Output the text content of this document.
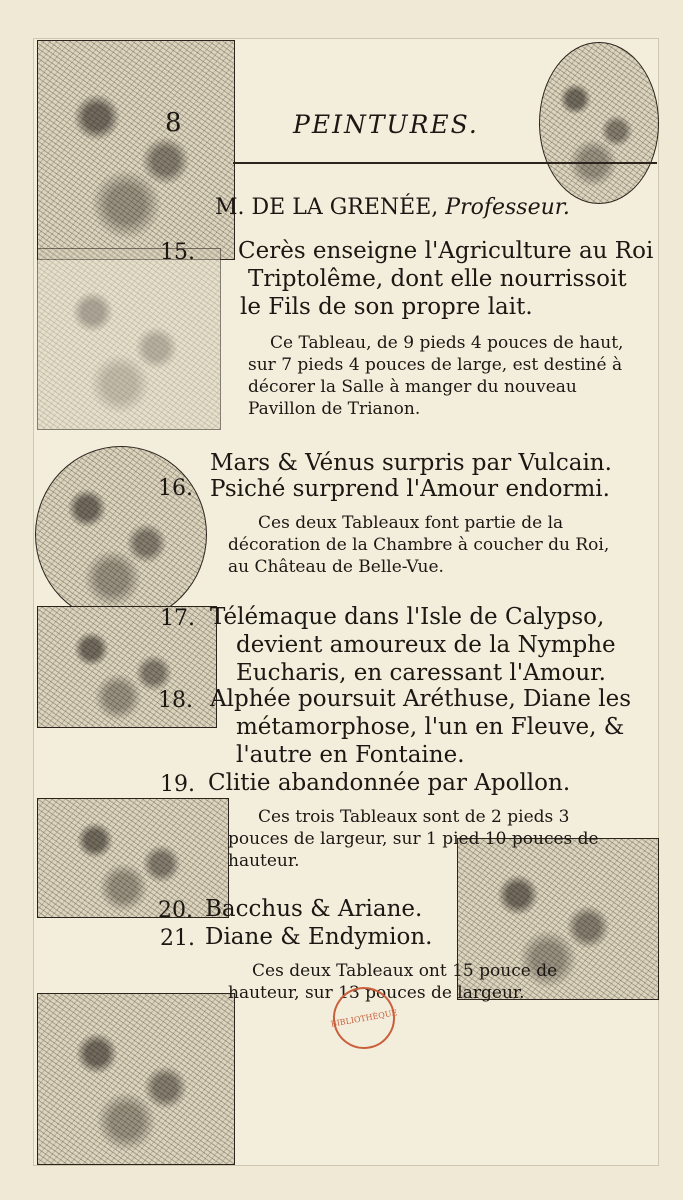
8	PEINTURES.
M. DE LA GRENÉE, Professeur.
15. Cerès enseigne l'Agriculture au Roi
Triptolême, dont elle nourrissoit
le Fils de son propre lait.
Ce Tableau, de 9 pieds 4 pouces de haut, sur 7 pieds 4 pouces de large, est destiné à décorer la Salle à manger du nouveau Pavillon de Trianon.
Mars & Vénus surpris par Vulcain.
16. Psiché surprend l'Amour endormi.
Ces deux Tableaux font partie de la décoration de la Chambre à coucher du Roi, au Château de Belle-Vue.
17. Télémaque dans l'Isle de Calypso,
devient amoureux de la Nymphe
Eucharis, en caressant l'Amour.
18. Alphée poursuit Aréthuse, Diane les
métamorphose, l'un en Fleuve, &
l'autre en Fontaine.
19. Clitie abandonnée par Apollon.
Ces trois Tableaux sont de 2 pieds 3 pouces de largeur, sur 1 pied 10 pouces de hauteur.
20. Bacchus & Ariane.
21. Diane & Endymion.
Ces deux Tableaux ont 15 pouce de hauteur, sur 13 pouces de largeur.
BIBLIOTHÈQUE
